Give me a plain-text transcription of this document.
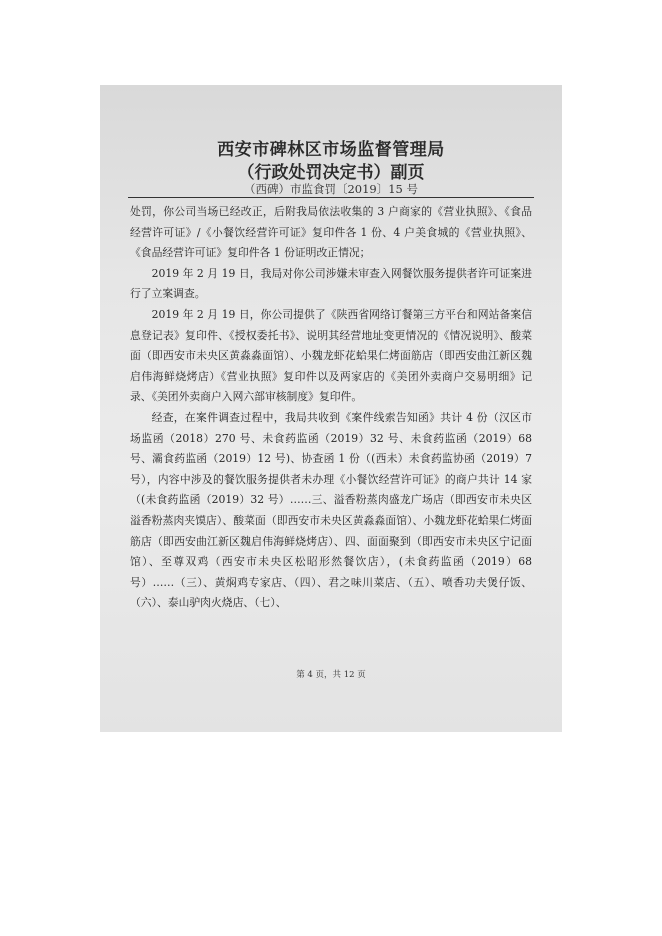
西安市碑林区市场监督管理局
（行政处罚决定书）副页
（西碑）市监食罚〔2019〕15 号

处罚，你公司当场已经改正，后附我局依法收集的 3 户商家的《营业执照》、《食品经营许可证》/《小餐饮经营许可证》复印件各 1 份、4 户美食城的《营业执照》、《食品经营许可证》复印件各 1 份证明改正情况；

2019 年 2 月 19 日，我局对你公司涉嫌未审查入网餐饮服务提供者许可证案进行了立案调查。

2019 年 2 月 19 日，你公司提供了《陕西省网络订餐第三方平台和网站备案信息登记表》复印件、《授权委托书》、说明其经营地址变更情况的《情况说明》、酸菜面（即西安市未央区黄淼淼面馆）、小魏龙虾花蛤果仁烤面筋店（即西安曲江新区魏启伟海鲜烧烤店）《营业执照》复印件以及两家店的《美团外卖商户交易明细》记录、《美团外卖商户入网六部审核制度》复印件。

经查，在案件调查过程中，我局共收到《案件线索告知函》共计 4 份（汉区市场监函（2018）270 号、未食药监函（2019）32 号、未食药监函（2019）68 号、灞食药监函（2019）12 号)、协查函 1 份（(西未）未食药监协函（2019）7 号），内容中涉及的餐饮服务提供者未办理《小餐饮经营许可证》的商户共计 14 家（(未食药监函（2019）32 号）……三、溢香粉蒸肉盛龙广场店（即西安市未央区溢香粉蒸肉夹馍店）、酸菜面（即西安市未央区黄淼淼面馆）、小魏龙虾花蛤果仁烤面筋店（即西安曲江新区魏启伟海鲜烧烤店）、四、面面聚到（即西安市未央区宁记面馆）、至尊双鸡（西安市未央区松昭形然餐饮店），(未食药监函（2019）68 号）……（三）、黄焖鸡专家店、（四）、君之味川菜店、（五）、喷香功夫煲仔饭、（六）、泰山驴肉火烧店、（七）、

第 4 页，共 12 页
